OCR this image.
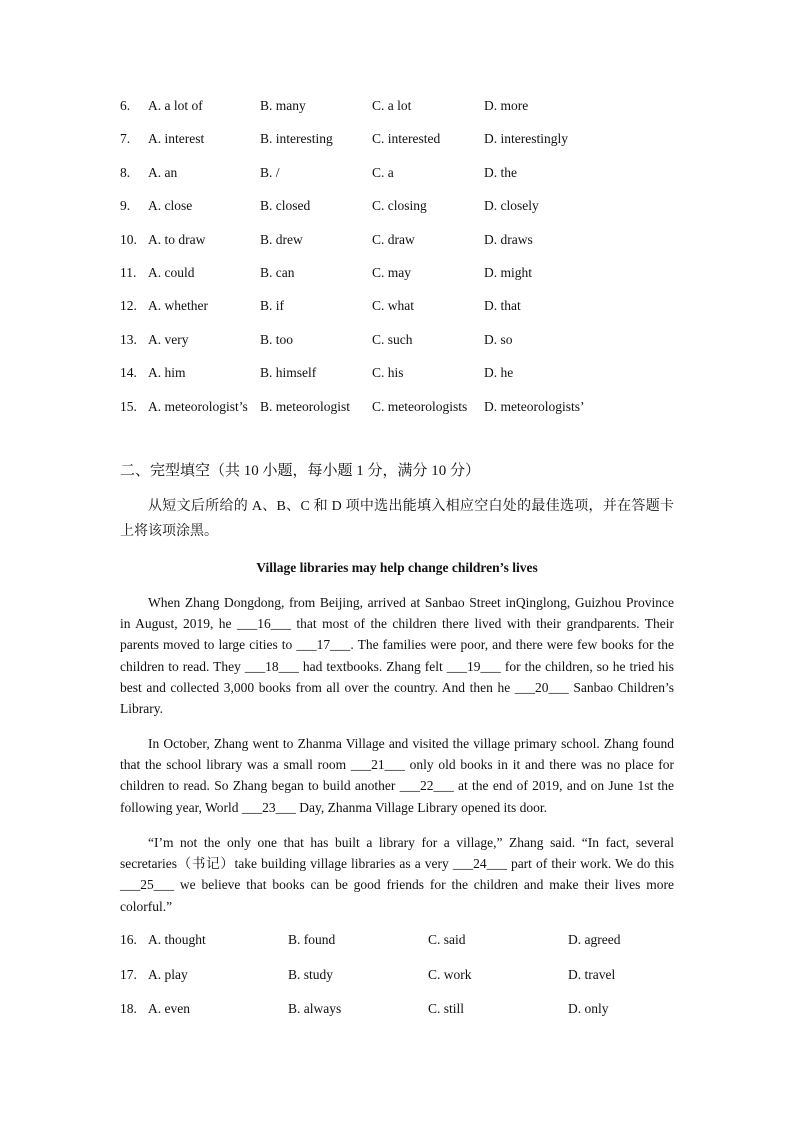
6. A. a lot of	B. many	C. a lot	D. more
7. A. interest	B. interesting	C. interested	D. interestingly
8. A. an	B. /	C. a	D. the
9. A. close	B. closed	C. closing	D. closely
10. A. to draw	B. drew	C. draw	D. draws
11. A. could	B. can	C. may	D. might
12. A. whether	B. if	C. what	D. that
13. A. very	B. too	C. such	D. so
14. A. him	B. himself	C. his	D. he
15. A. meteorologist’s B. meteorologist C. meteorologists D. meteorologists’
二、完型填空（共 10 小题，每小题 1 分，满分 10 分）
从短文后所给的 A、B、C 和 D 项中选出能填入相应空白处的最佳选项，并在答题卡上将该项涂黑。
Village libraries may help change children’s lives

When Zhang Dongdong, from Beijing, arrived at Sanbao Street inQinglong, Guizhou Province in August, 2019, he ___16___ that most of the children there lived with their grandparents. Their parents moved to large cities to ___17___. The families were poor, and there were few books for the children to read. They ___18___ had textbooks. Zhang felt ___19___ for the children, so he tried his best and collected 3,000 books from all over the country. And then he ___20___ Sanbao Children’s Library.

In October, Zhang went to Zhanma Village and visited the village primary school. Zhang found that the school library was a small room ___21___ only old books in it and there was no place for children to read. So Zhang began to build another ___22___ at the end of 2019, and on June 1st the following year, World ___23___ Day, Zhanma Village Library opened its door.

“I’m not the only one that has built a library for a village,” Zhang said. “In fact, several secretaries（书记）take building village libraries as a very ___24___ part of their work. We do this ___25___ we believe that books can be good friends for the children and make their lives more colorful.”

16. A. thought	B. found	C. said	D. agreed
17. A. play	B. study	C. work	D. travel
18. A. even	B. always	C. still	D. only
